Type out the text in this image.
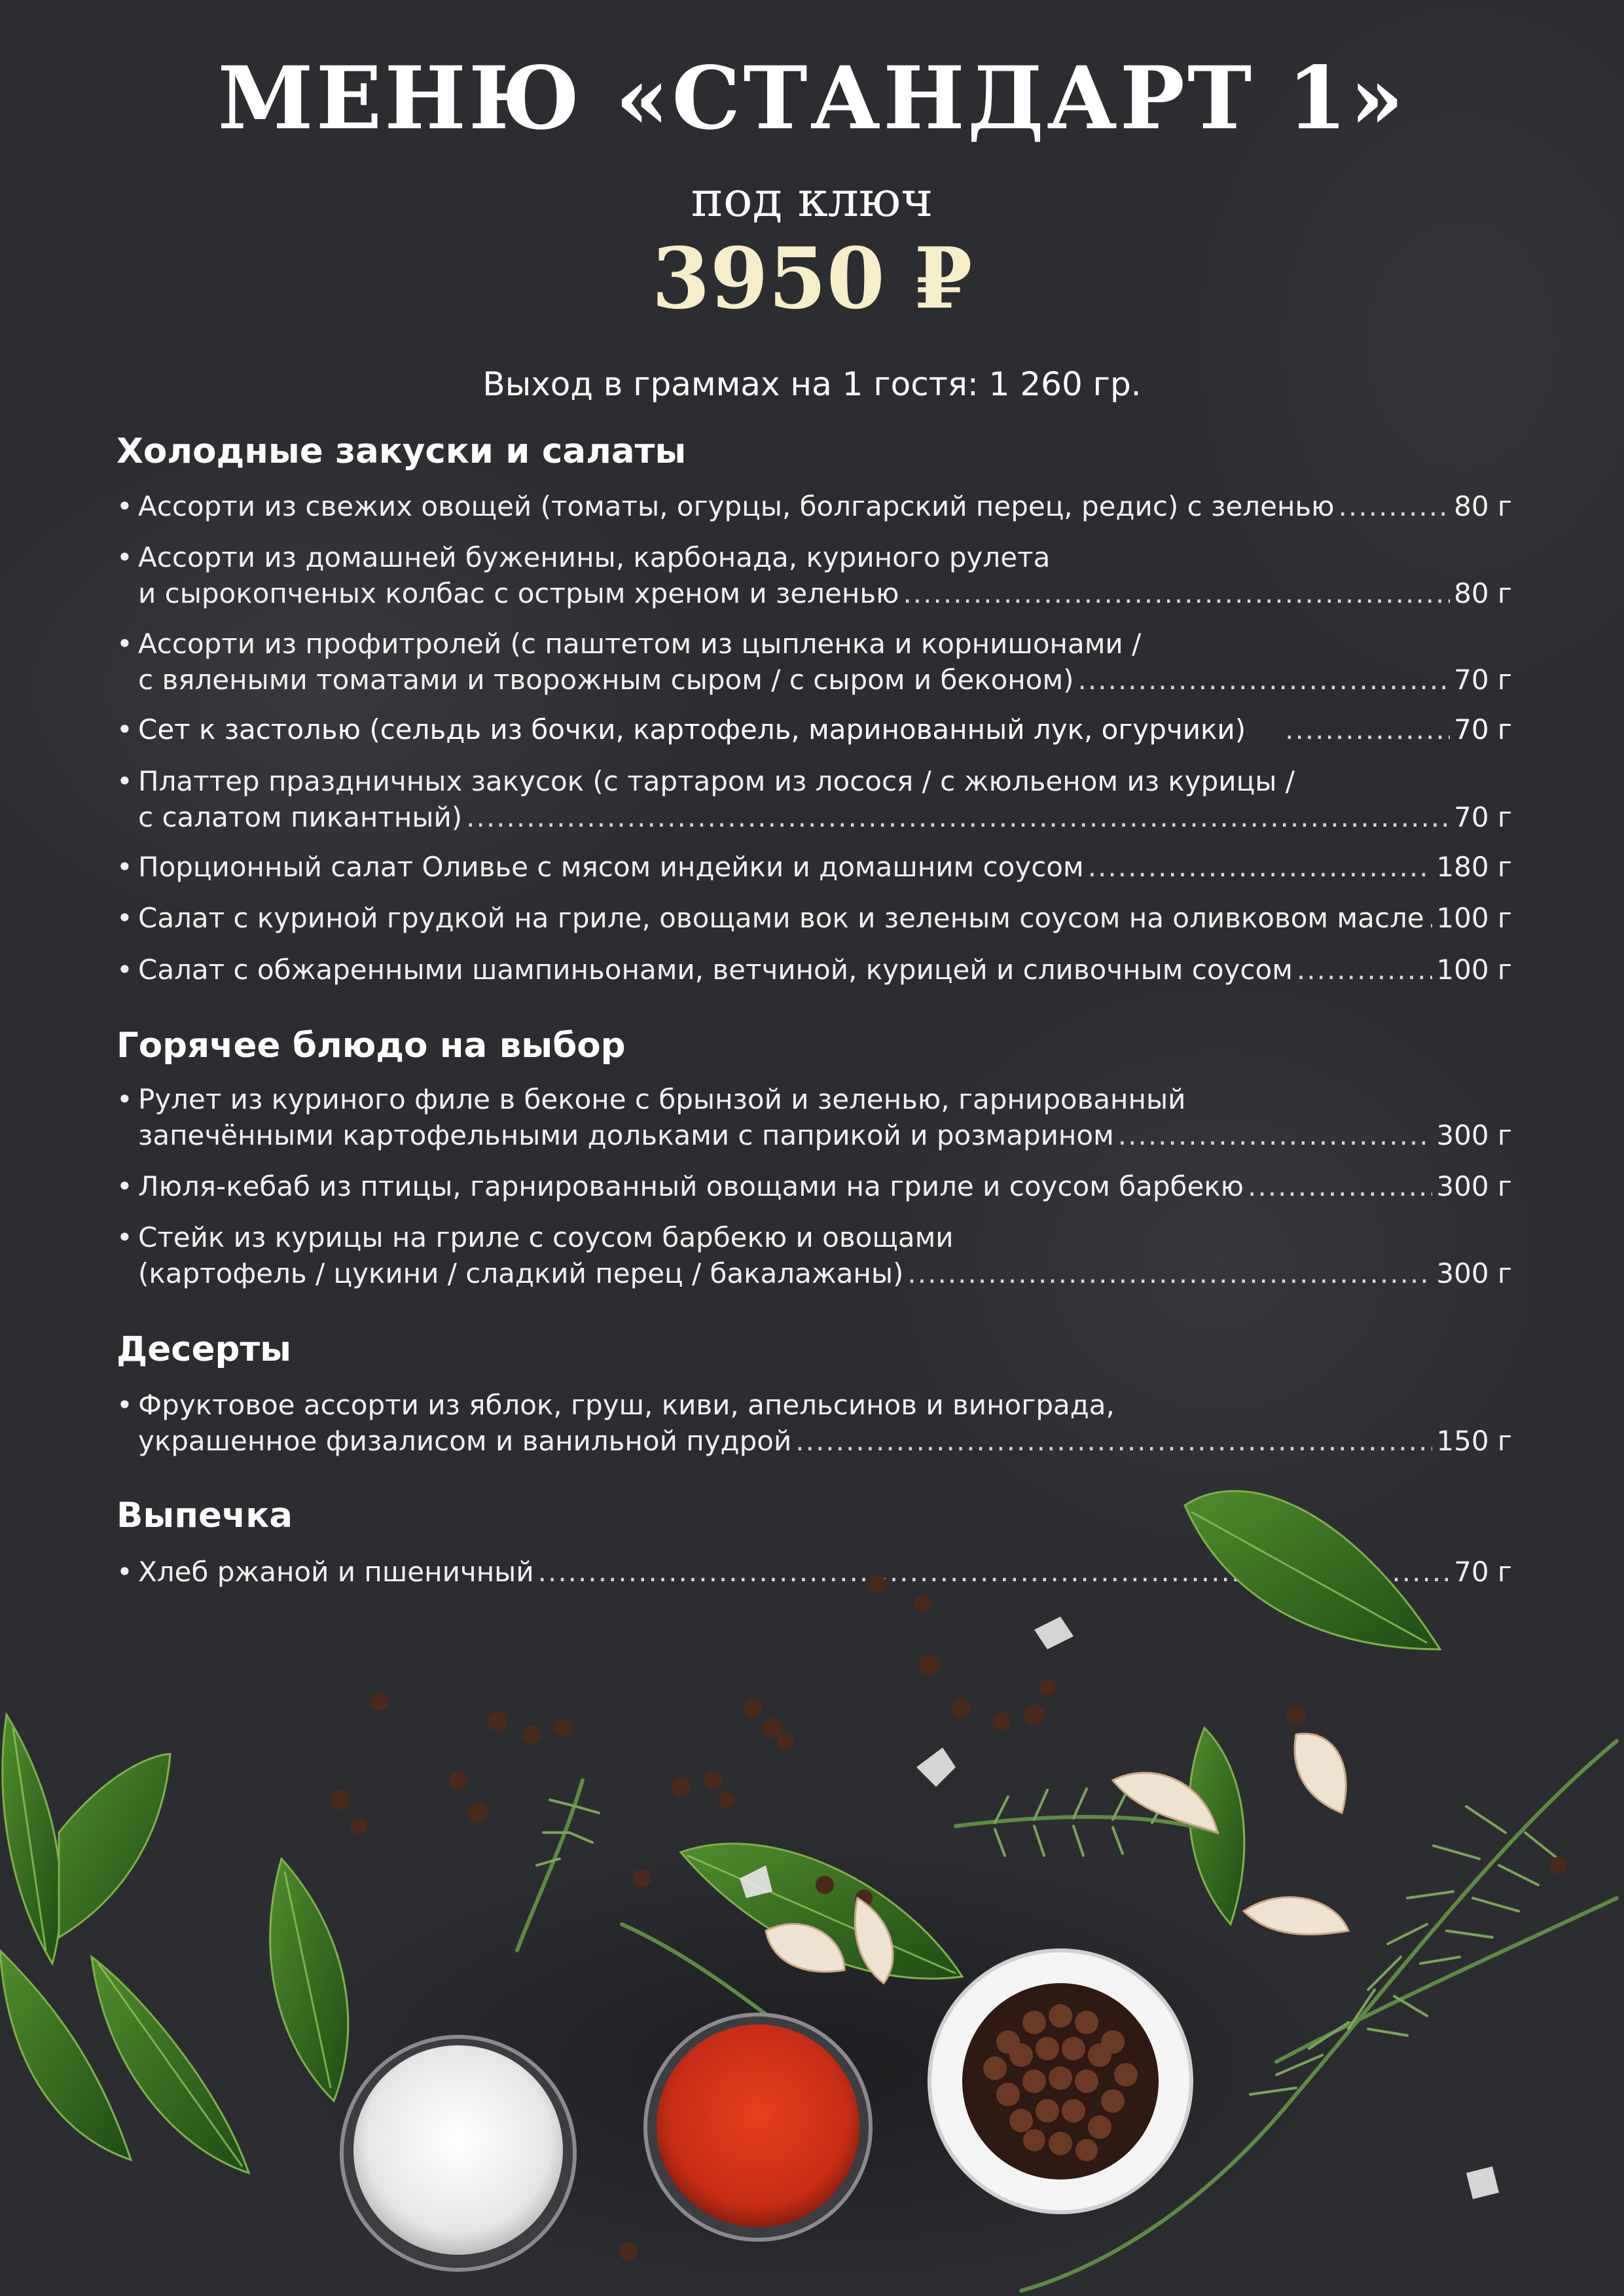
МЕНЮ «СТАНДАРТ 1»
под ключ
3950 ₽
Выход в граммах на 1 гостя: 1 260 гр.
Холодные закуски и салаты
• Ассорти из свежих овощей (томаты, огурцы, болгарский перец, редис) с зеленью .....	80 г
• Ассорти из домашней буженины, карбонада, куриного рулета
и сырокопченых колбас с острым хреном и зеленью .....	80 г
• Ассорти из профитролей (с паштетом из цыпленка и корнишонами /
с вялеными томатами и творожным сыром / с сыром и беконом) .....	70 г
• Сет к застолью (сельдь из бочки, картофель, маринованный лук, огурчики) .....	70 г
• Платтер праздничных закусок (с тартаром из лосося / с жюльеном из курицы /
с салатом пикантный) .....	70 г
• Порционный салат Оливье с мясом индейки и домашним соусом .....	180 г
• Салат с куриной грудкой на гриле, овощами вок и зеленым соусом на оливковом масле ..... 100 г
• Салат с обжаренными шампиньонами, ветчиной, курицей и сливочным соусом .....	100 г
Горячее блюдо на выбор
• Рулет из куриного филе в беконе с брынзой и зеленью, гарнированный
запечёнными картофельными дольками с паприкой и розмарином .....	300 г
• Люля-кебаб из птицы, гарнированный овощами на гриле и соусом барбекю .....	300 г
• Стейк из курицы на гриле с соусом барбекю и овощами
(картофель / цукини / сладкий перец / бакалажаны) .....	300 г
Десерты
• Фруктовое ассорти из яблок, груш, киви, апельсинов и винограда,
украшенное физалисом и ванильной пудрой .....	150 г
Выпечка
• Хлеб ржаной и пшеничный .....	70 г
